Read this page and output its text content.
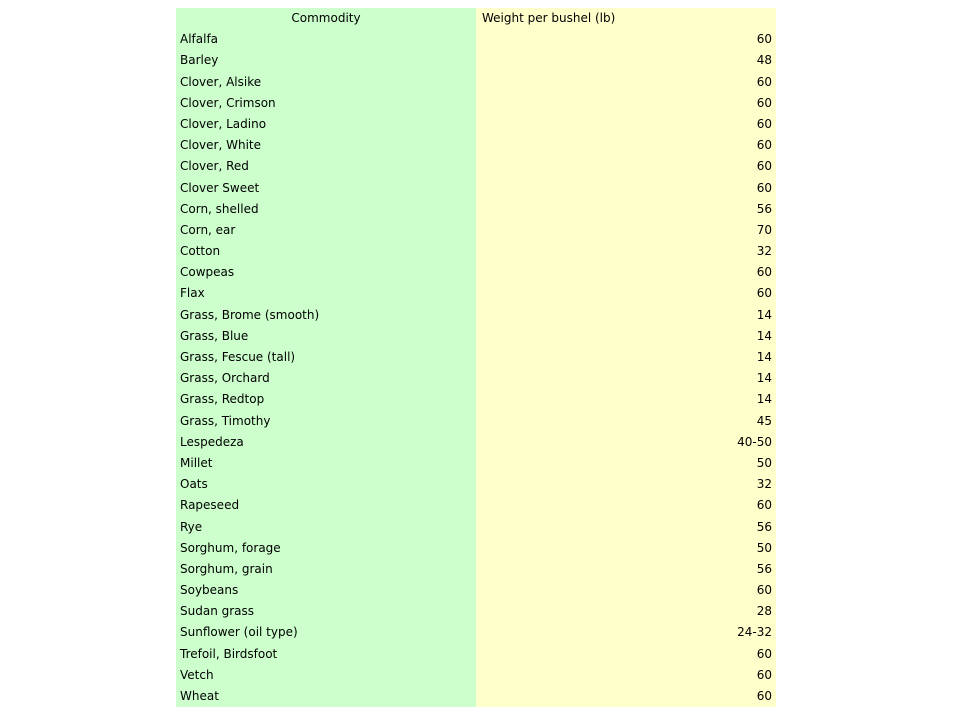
Commodity	Weight per bushel (lb)
Alfalfa	60
Barley	48
Clover, Alsike	60
Clover, Crimson	60
Clover, Ladino	60
Clover, White	60
Clover, Red	60
Clover Sweet	60
Corn, shelled	56
Corn, ear	70
Cotton	32
Cowpeas	60
Flax	60
Grass, Brome (smooth)	14
Grass, Blue	14
Grass, Fescue (tall)	14
Grass, Orchard	14
Grass, Redtop	14
Grass, Timothy	45
Lespedeza	40-50
Millet	50
Oats	32
Rapeseed	60
Rye	56
Sorghum, forage	50
Sorghum, grain	56
Soybeans	60
Sudan grass	28
Sunflower (oil type)	24-32
Trefoil, Birdsfoot	60
Vetch	60
Wheat	60
